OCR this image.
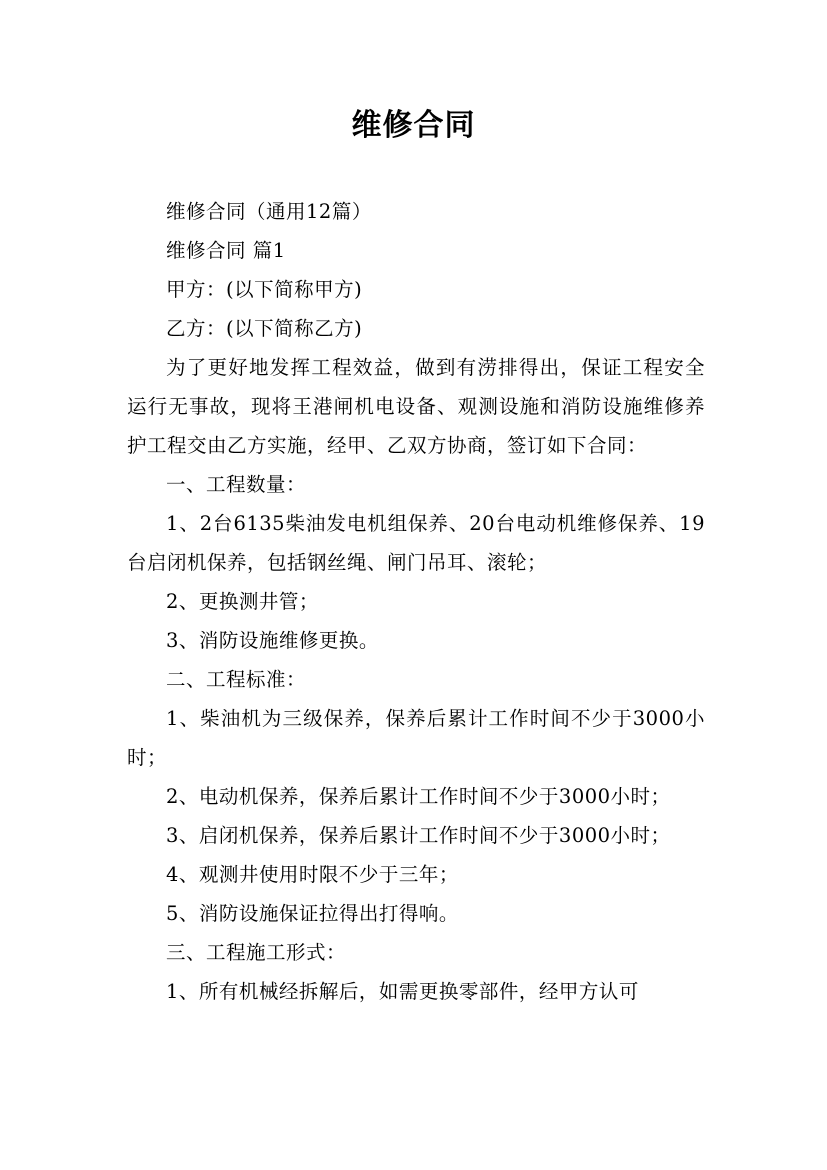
维修合同

维修合同（通用12篇）

维修合同 篇1

甲方：(以下简称甲方)

乙方：(以下简称乙方)

为了更好地发挥工程效益，做到有涝排得出，保证工程安全运行无事故，现将王港闸机电设备、观测设施和消防设施维修养护工程交由乙方实施，经甲、乙双方协商，签订如下合同：

一、工程数量：

1、2台6135柴油发电机组保养、20台电动机维修保养、19台启闭机保养，包括钢丝绳、闸门吊耳、滚轮；

2、更换测井管；

3、消防设施维修更换。

二、工程标准：

1、柴油机为三级保养，保养后累计工作时间不少于3000小时；

2、电动机保养，保养后累计工作时间不少于3000小时；

3、启闭机保养，保养后累计工作时间不少于3000小时；

4、观测井使用时限不少于三年；

5、消防设施保证拉得出打得响。

三、工程施工形式：

1、所有机械经拆解后，如需更换零部件，经甲方认可
